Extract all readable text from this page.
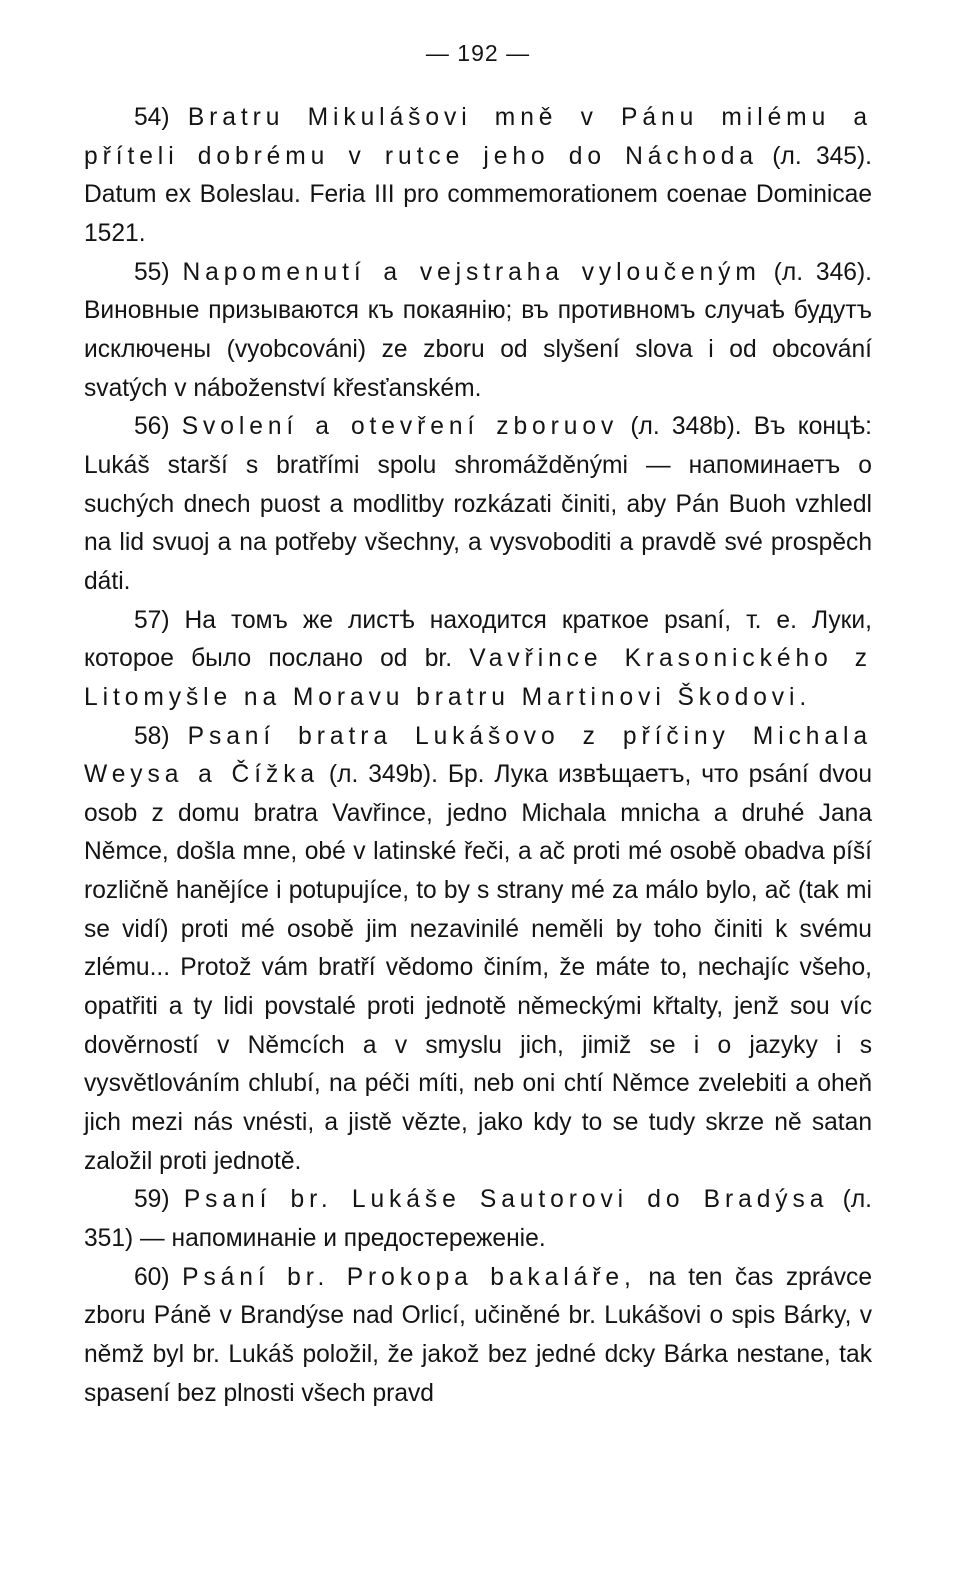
— 192 —

54) Bratru Mikulášovi mně v Pánu milému a příteli dobrému v rutce jeho do Náchoda (л. 345). Datum ex Boleslau. Feria III pro commemorationem coenae Dominicae 1521.

55) Napomenutí a vejstraha vyloučeným (л. 346). Виновные призываются къ покаянію; въ противномъ случаѣ будутъ исключены (vyobcováni) ze zboru od slyšení slova i od obcování svatých v náboženství křesťanském.

56) Svolení a otevření zboruov (л. 348b). Въ концѣ: Lukáš starší s bratřími spolu shromážděnými — напоминаетъ o suchých dnech puost a modlitby rozkázati činiti, aby Pán Buoh vzhledl na lid svuoj a na potřeby všechny, a vysvoboditi a pravdě své prospěch dáti.

57) На томъ же листѣ находится краткое psaní, т. е. Луки, которое было послано od br. Vavřince Krasonického z Litomyšle na Moravu bratru Martinovi Škodovi.

58) Psaní bratra Lukášovo z příčiny Michala Weysa a Čížka (л. 349b). Бр. Лука извѣщаетъ, что psání dvou osob z domu bratra Vavřince, jedno Michala mnicha a druhé Jana Němce, došla mne, obé v latinské řeči, a ač proti mé osobě obadva píší rozličně hanějíce i potupujíce, to by s strany mé za málo bylo, ač (tak mi se vidí) proti mé osobě jim nezavinilé neměli by toho činiti k svému zlému... Protož vám bratří vědomo činím, že máte to, nechajíc všeho, opatřiti a ty lidi povstalé proti jednotě německými křtalty, jenž sou víc dověrností v Němcích a v smyslu jich, jimiž se i o jazyky i s vysvětlováním chlubí, na péči míti, neb oni chtí Němce zvelebiti a oheň jich mezi nás vnésti, a jistě vězte, jako kdy to se tudy skrze ně satan založil proti jednotě.

59) Psaní br. Lukáše Sautorovi do Bradýsa (л. 351) — напоминаніе и предостереженіе.

60) Psání br. Prokopa bakaláře, na ten čas zprávce zboru Páně v Brandýse nad Orlicí, učiněné br. Lukášovi o spis Bárky, v němž byl br. Lukáš položil, že jakož bez jedné dcky Bárka nestane, tak spasení bez plnosti všech pravd
